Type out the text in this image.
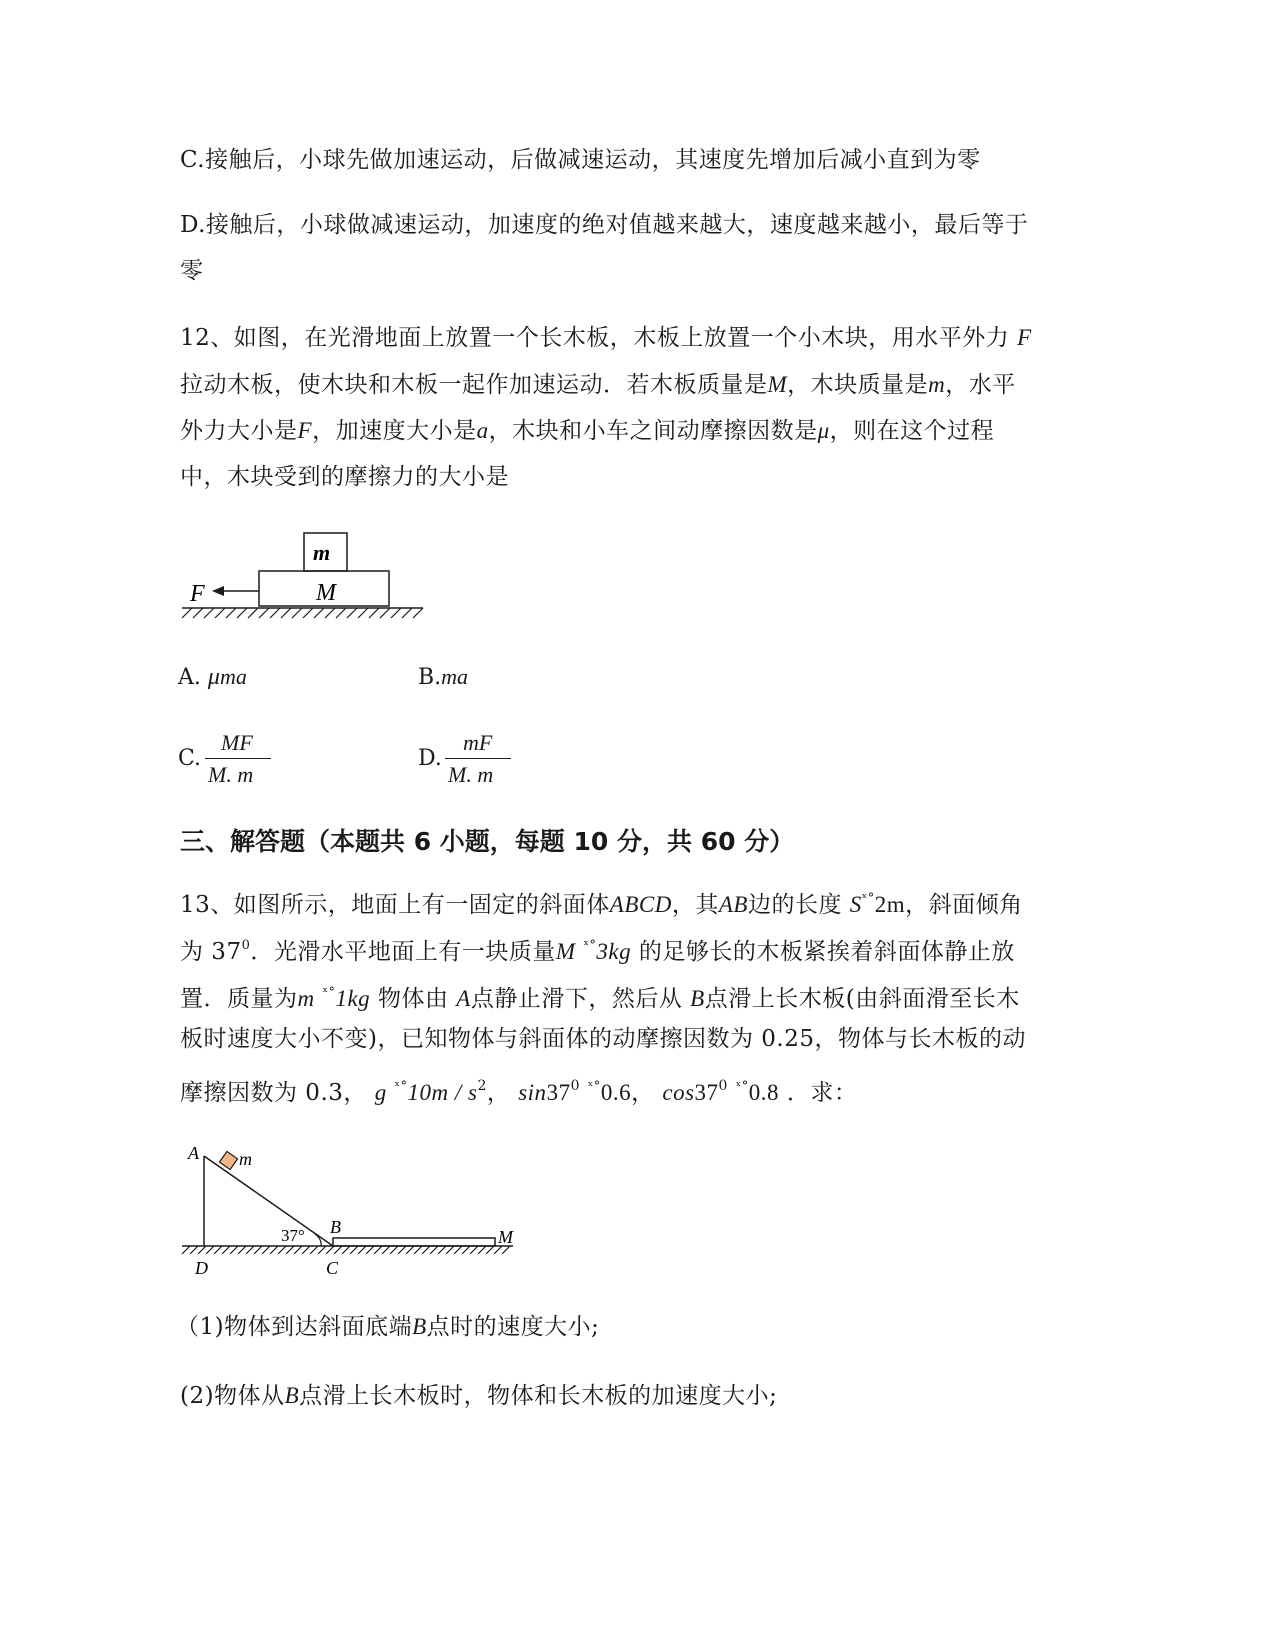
C.接触后，小球先做加速运动，后做减速运动，其速度先增加后减小直到为零
D.接触后，小球做减速运动，加速度的绝对值越来越大，速度越来越小，最后等于
零
12、如图，在光滑地面上放置一个长木板，木板上放置一个小木块，用水平外力 F
拉动木板，使木块和木板一起作加速运动．若木板质量是M，木块质量是m，水平
外力大小是F，加速度大小是a，木块和小车之间动摩擦因数是μ，则在这个过程
中，木块受到的摩擦力的大小是
m
M
F
A. μma	B.ma
C.
MF
M. m
D.
mF
M. m
三、解答题（本题共 6 小题，每题 10 分，共 60 分）
13、如图所示，地面上有一固定的斜面体ABCD，其AB边的长度 $S^{ˣ^\circ}2m$，斜面倾角
为 $37^0$．光滑水平地面上有一块质量M $^{ˣ^\circ}$3kg 的足够长的木板紧挨着斜面体静止放
置．质量为m $^{ˣ^\circ}$1kg 物体由 A点静止滑下，然后从 B点滑上长木板(由斜面滑至长木
板时速度大小不变)，已知物体与斜面体的动摩擦因数为 0.25，物体与长木板的动
摩擦因数为 0.3， g $^{ˣ^\circ}10m / s^2$， $\sin 37^0$ $^{ˣ^\circ}$0.6， $\cos 37^0$ $^{ˣ^\circ}$0.8 ．求：
A m
37° B	M
D	C
（1)物体到达斜面底端B点时的速度大小;
(2)物体从B点滑上长木板时，物体和长木板的加速度大小;
